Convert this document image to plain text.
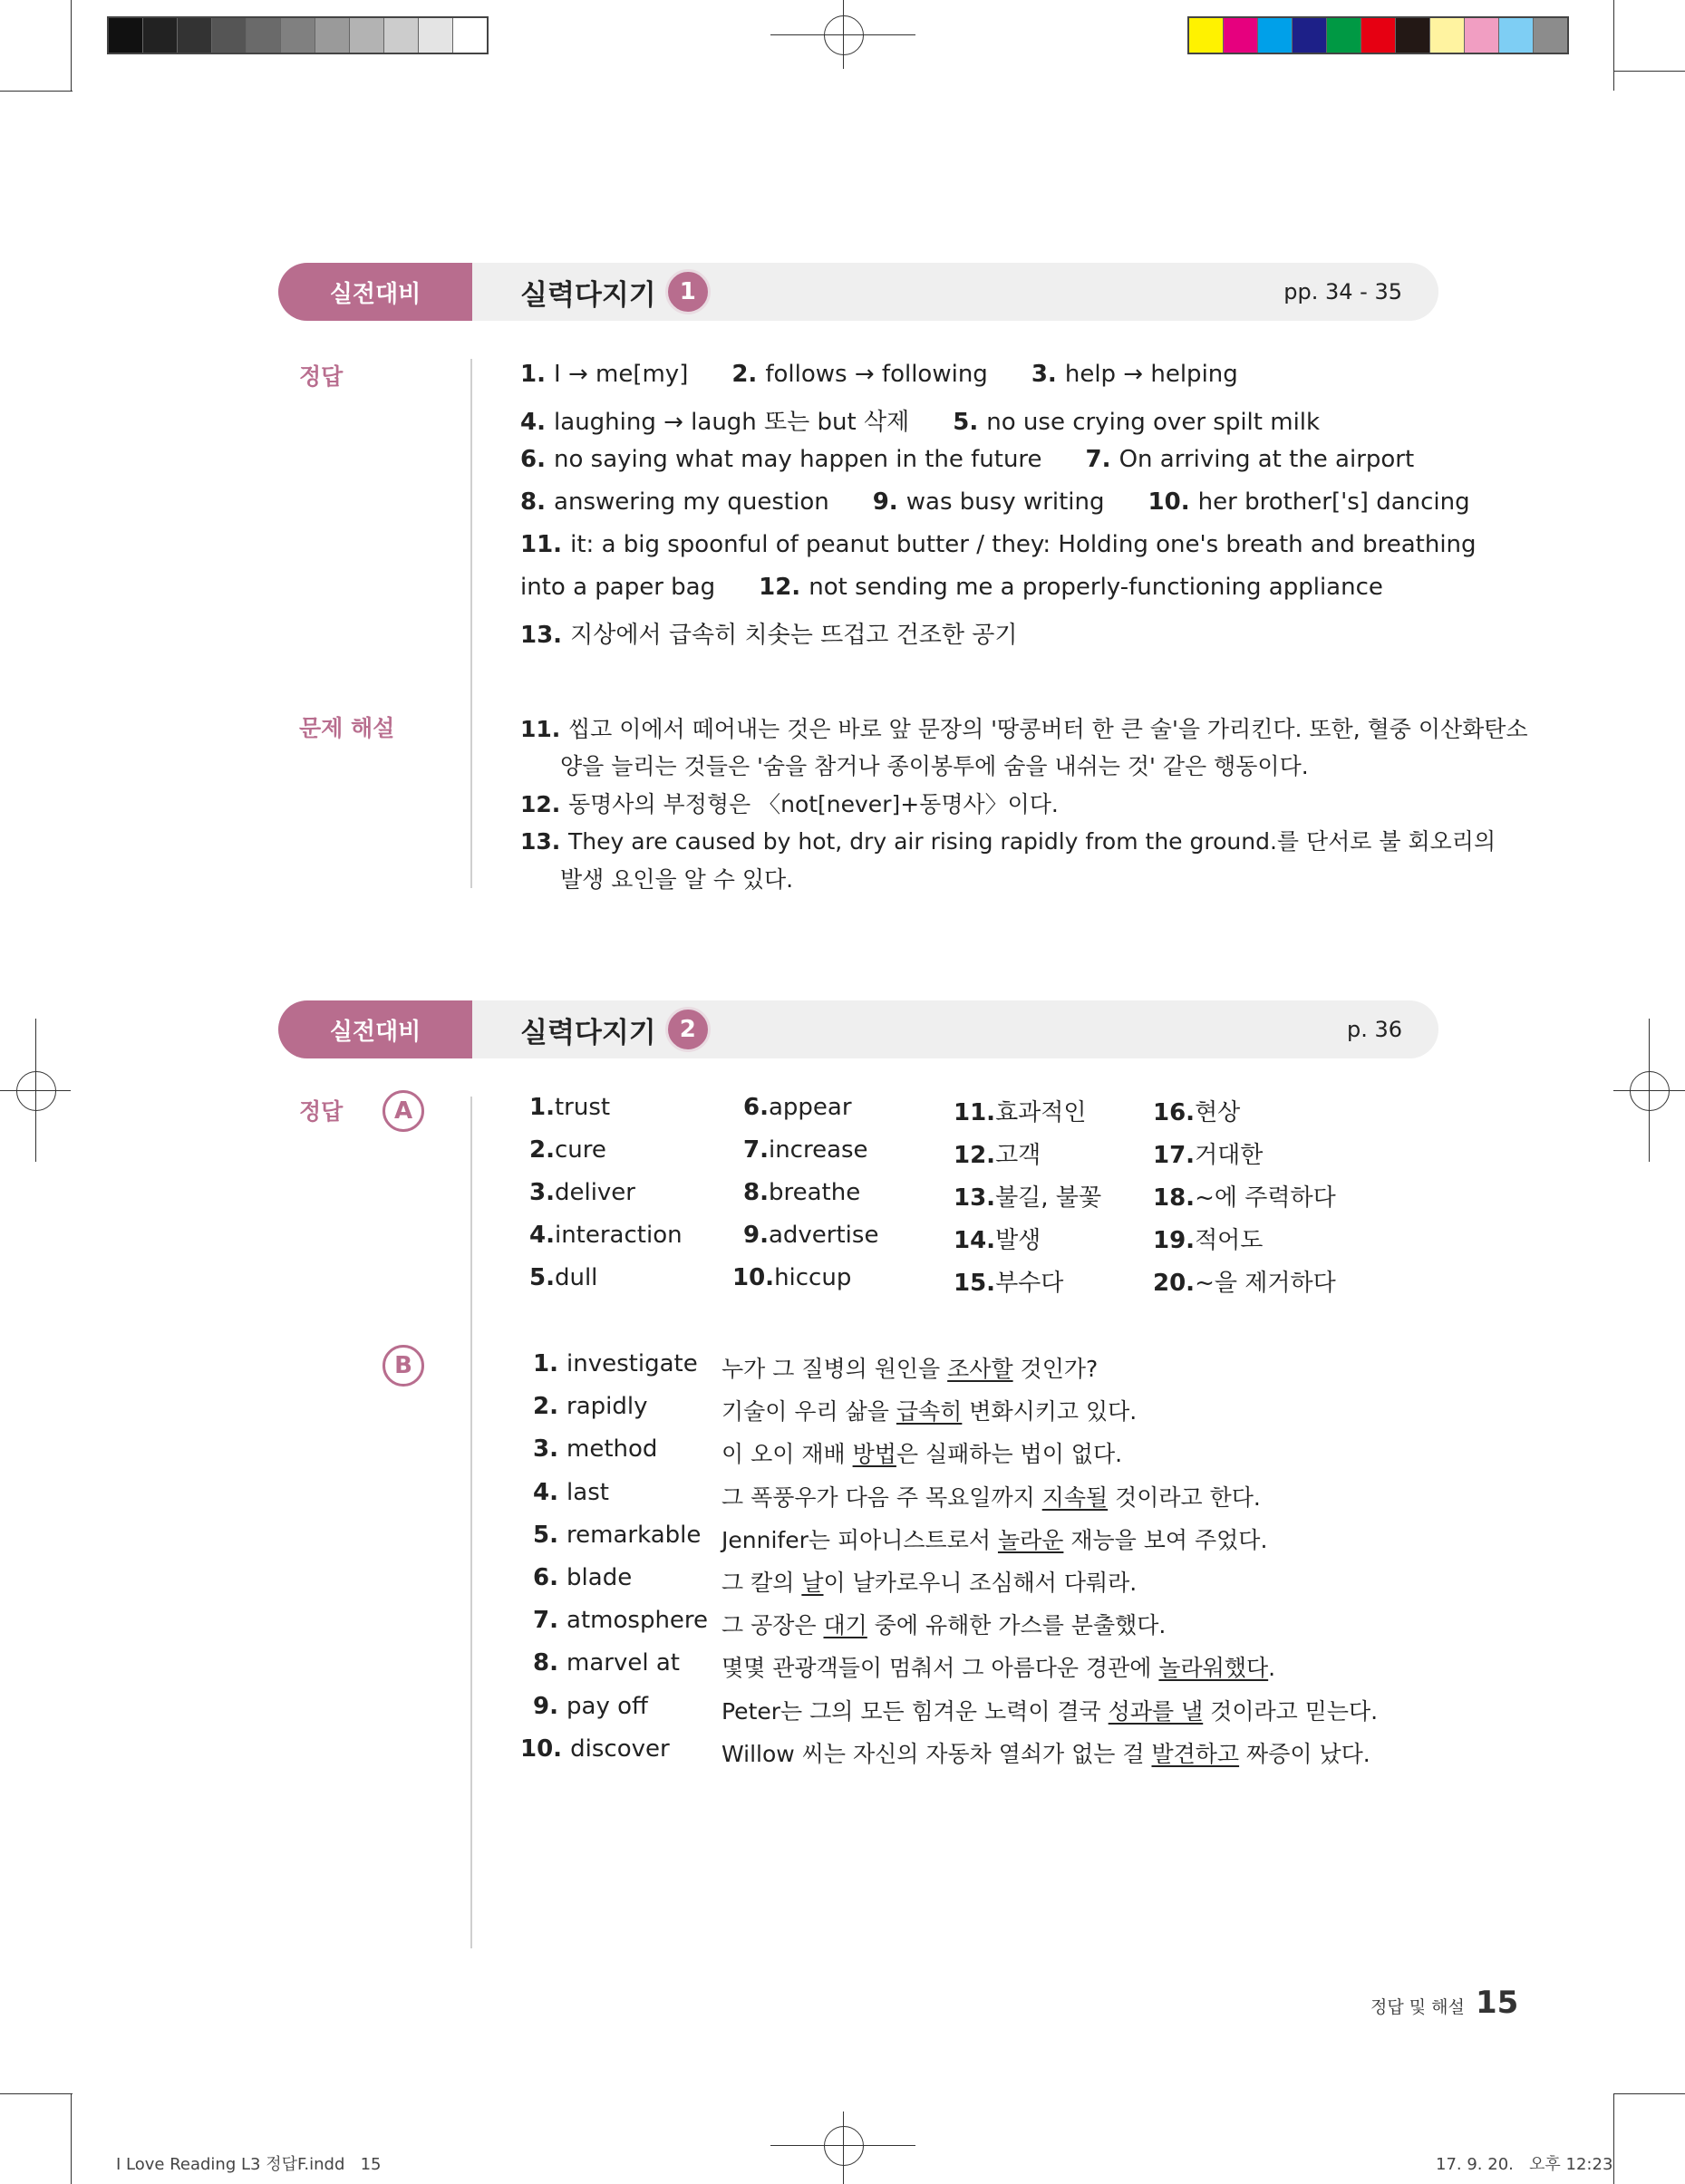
실전대비	실력다지기 1	pp. 34 - 35
정답
문제 해설
1. I → me[my] 2. follows → following 3. help → helping
4. laughing → laugh 또는 but 삭제 5. no use crying over spilt milk
6. no saying what may happen in the future 7. On arriving at the airport
8. answering my question 9. was busy writing 10. her brother['s] dancing
11. it: a big spoonful of peanut butter / they: Holding one's breath and breathing
into a paper bag 12. not sending me a properly-functioning appliance
13. 지상에서 급속히 치솟는 뜨겁고 건조한 공기
11. 씹고 이에서 떼어내는 것은 바로 앞 문장의 '땅콩버터 한 큰 술'을 가리킨다. 또한, 혈중 이산화탄소
양을 늘리는 것들은 '숨을 참거나 종이봉투에 숨을 내쉬는 것' 같은 행동이다.
12. 동명사의 부정형은 〈not[never]+동명사〉이다.
13. They are caused by hot, dry air rising rapidly from the ground.를 단서로 불 회오리의
발생 요인을 알 수 있다.
실전대비	실력다지기 2	p. 36
정답	A
B
1.trust	6.appear	11.효과적인	16.현상
2.cure	7.increase	12.고객	17.거대한
3.deliver	8.breathe	13.불길, 불꽃 18.~에 주력하다
4.interaction	9.advertise	14.발생	19.적어도
5.dull	10.hiccup	15.부수다	20.~을 제거하다
1. investigate 누가 그 질병의 원인을 조사할 것인가?
2. rapidly	기술이 우리 삶을 급속히 변화시키고 있다.
3. method	이 오이 재배 방법은 실패하는 법이 없다.
4. last	그 폭풍우가 다음 주 목요일까지 지속될 것이라고 한다.
5. remarkable Jennifer는 피아니스트로서 놀라운 재능을 보여 주었다.
6. blade	그 칼의 날이 날카로우니 조심해서 다뤄라.
7. atmosphere 그 공장은 대기 중에 유해한 가스를 분출했다.
8. marvel at 몇몇 관광객들이 멈춰서 그 아름다운 경관에 놀라워했다.
9. pay off	Peter는 그의 모든 힘겨운 노력이 결국 성과를 낼 것이라고 믿는다.
10. discover Willow 씨는 자신의 자동차 열쇠가 없는 걸 발견하고 짜증이 났다.
정답 및 해설 15
I Love Reading L3 정답F.indd   15	17. 9. 20.   오후 12:23
